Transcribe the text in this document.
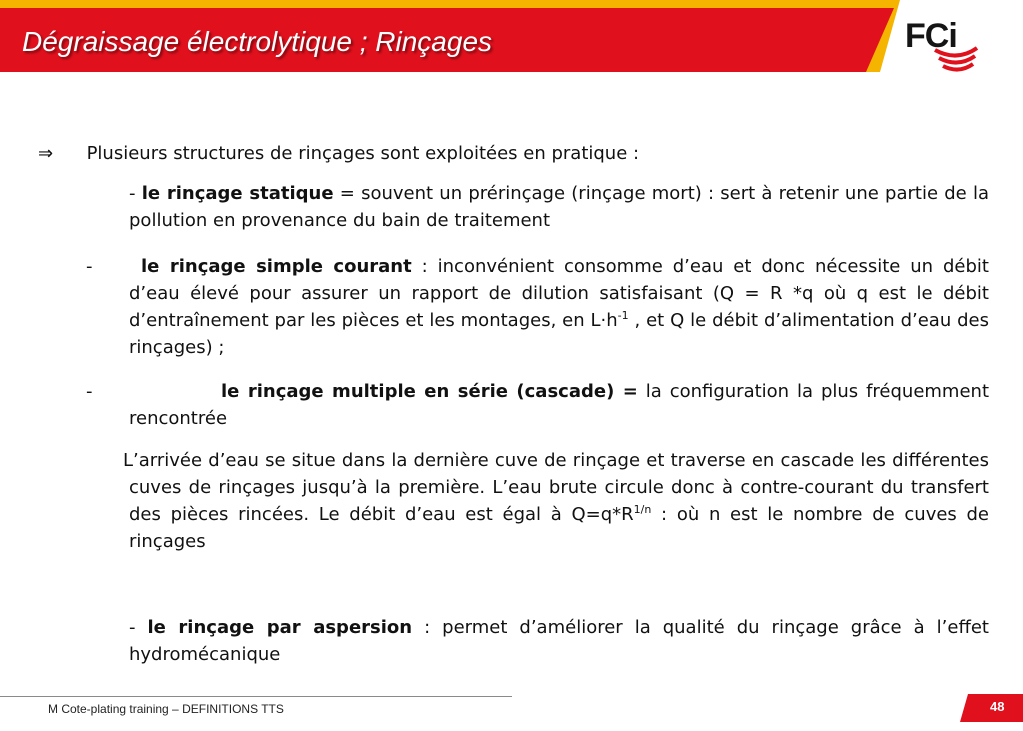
Dégraissage électrolytique ; Rinçages	FCi
⇒ Plusieurs structures de rinçages sont exploitées en pratique :
- le rinçage statique = souvent un prérinçage (rinçage mort) : sert à retenir une partie de la pollution en provenance du bain de traitement
-	le rinçage simple courant : inconvénient consomme d’eau et donc nécessite un débit d’eau élevé pour assurer un rapport de dilution satisfaisant (Q = R *q où q est le débit d’entraînement par les pièces et les montages, en $L\cdot h^{-1}$ , et Q le débit d’alimentation d’eau des rinçages) ;
-	le rinçage multiple en série (cascade) = la configuration la plus fréquemment rencontrée
L’arrivée d’eau se situe dans la dernière cuve de rinçage et traverse en cascade les différentes cuves de rinçages jusqu’à la première. L’eau brute circule donc à contre-courant du transfert des pièces rincées. Le débit d’eau est égal à $Q=q*R^{1/n}$ : où n est le nombre de cuves de rinçages
- le rinçage par aspersion : permet d’améliorer la qualité du rinçage grâce à l’effet hydromécanique
M Cote-plating training – DEFINITIONS TTS	48
